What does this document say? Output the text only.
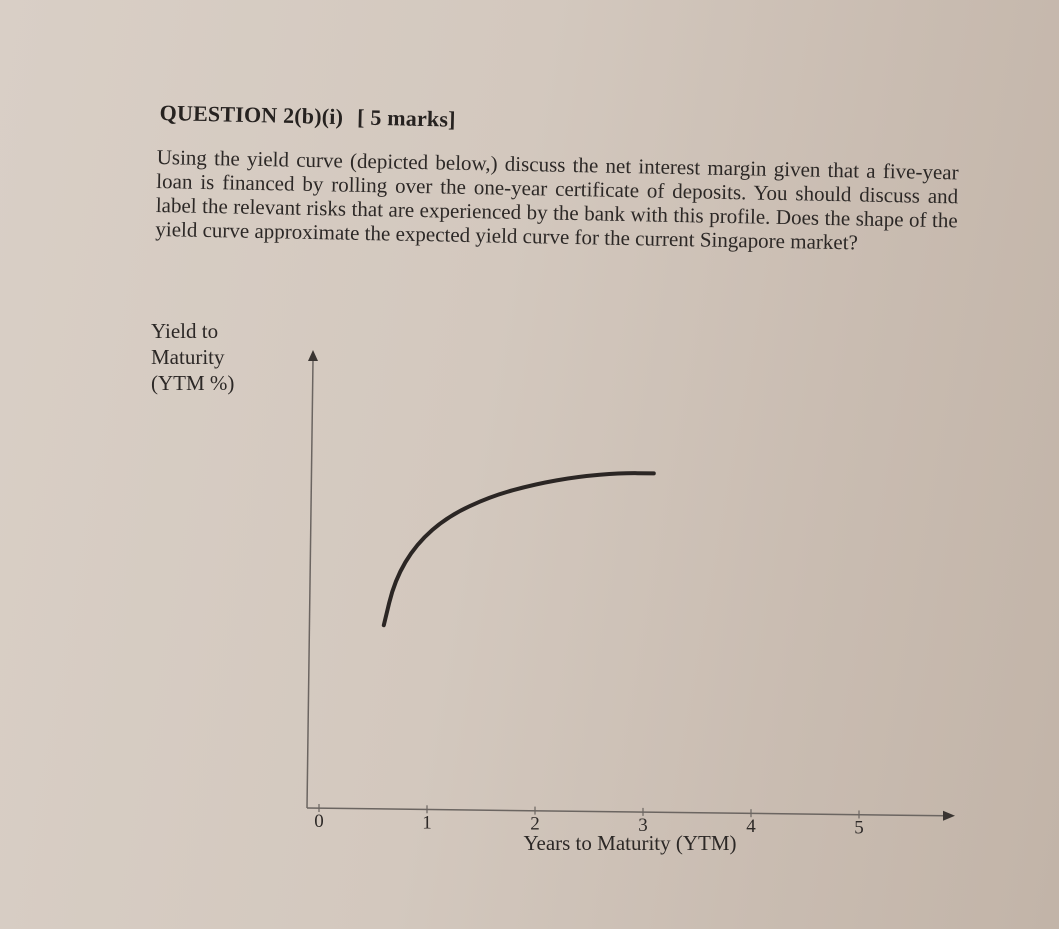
QUESTION 2(b)(i) [ 5 marks]
Using the yield curve (depicted below,) discuss the net interest margin given that a five-year loan is financed by rolling over the one-year certificate of deposits. You should discuss and label the relevant risks that are experienced by the bank with this profile. Does the shape of the yield curve approximate the expected yield curve for the current Singapore market?
Yield to
Maturity
(YTM %)
0	1	2	3	4	5
Years to Maturity (YTM)
